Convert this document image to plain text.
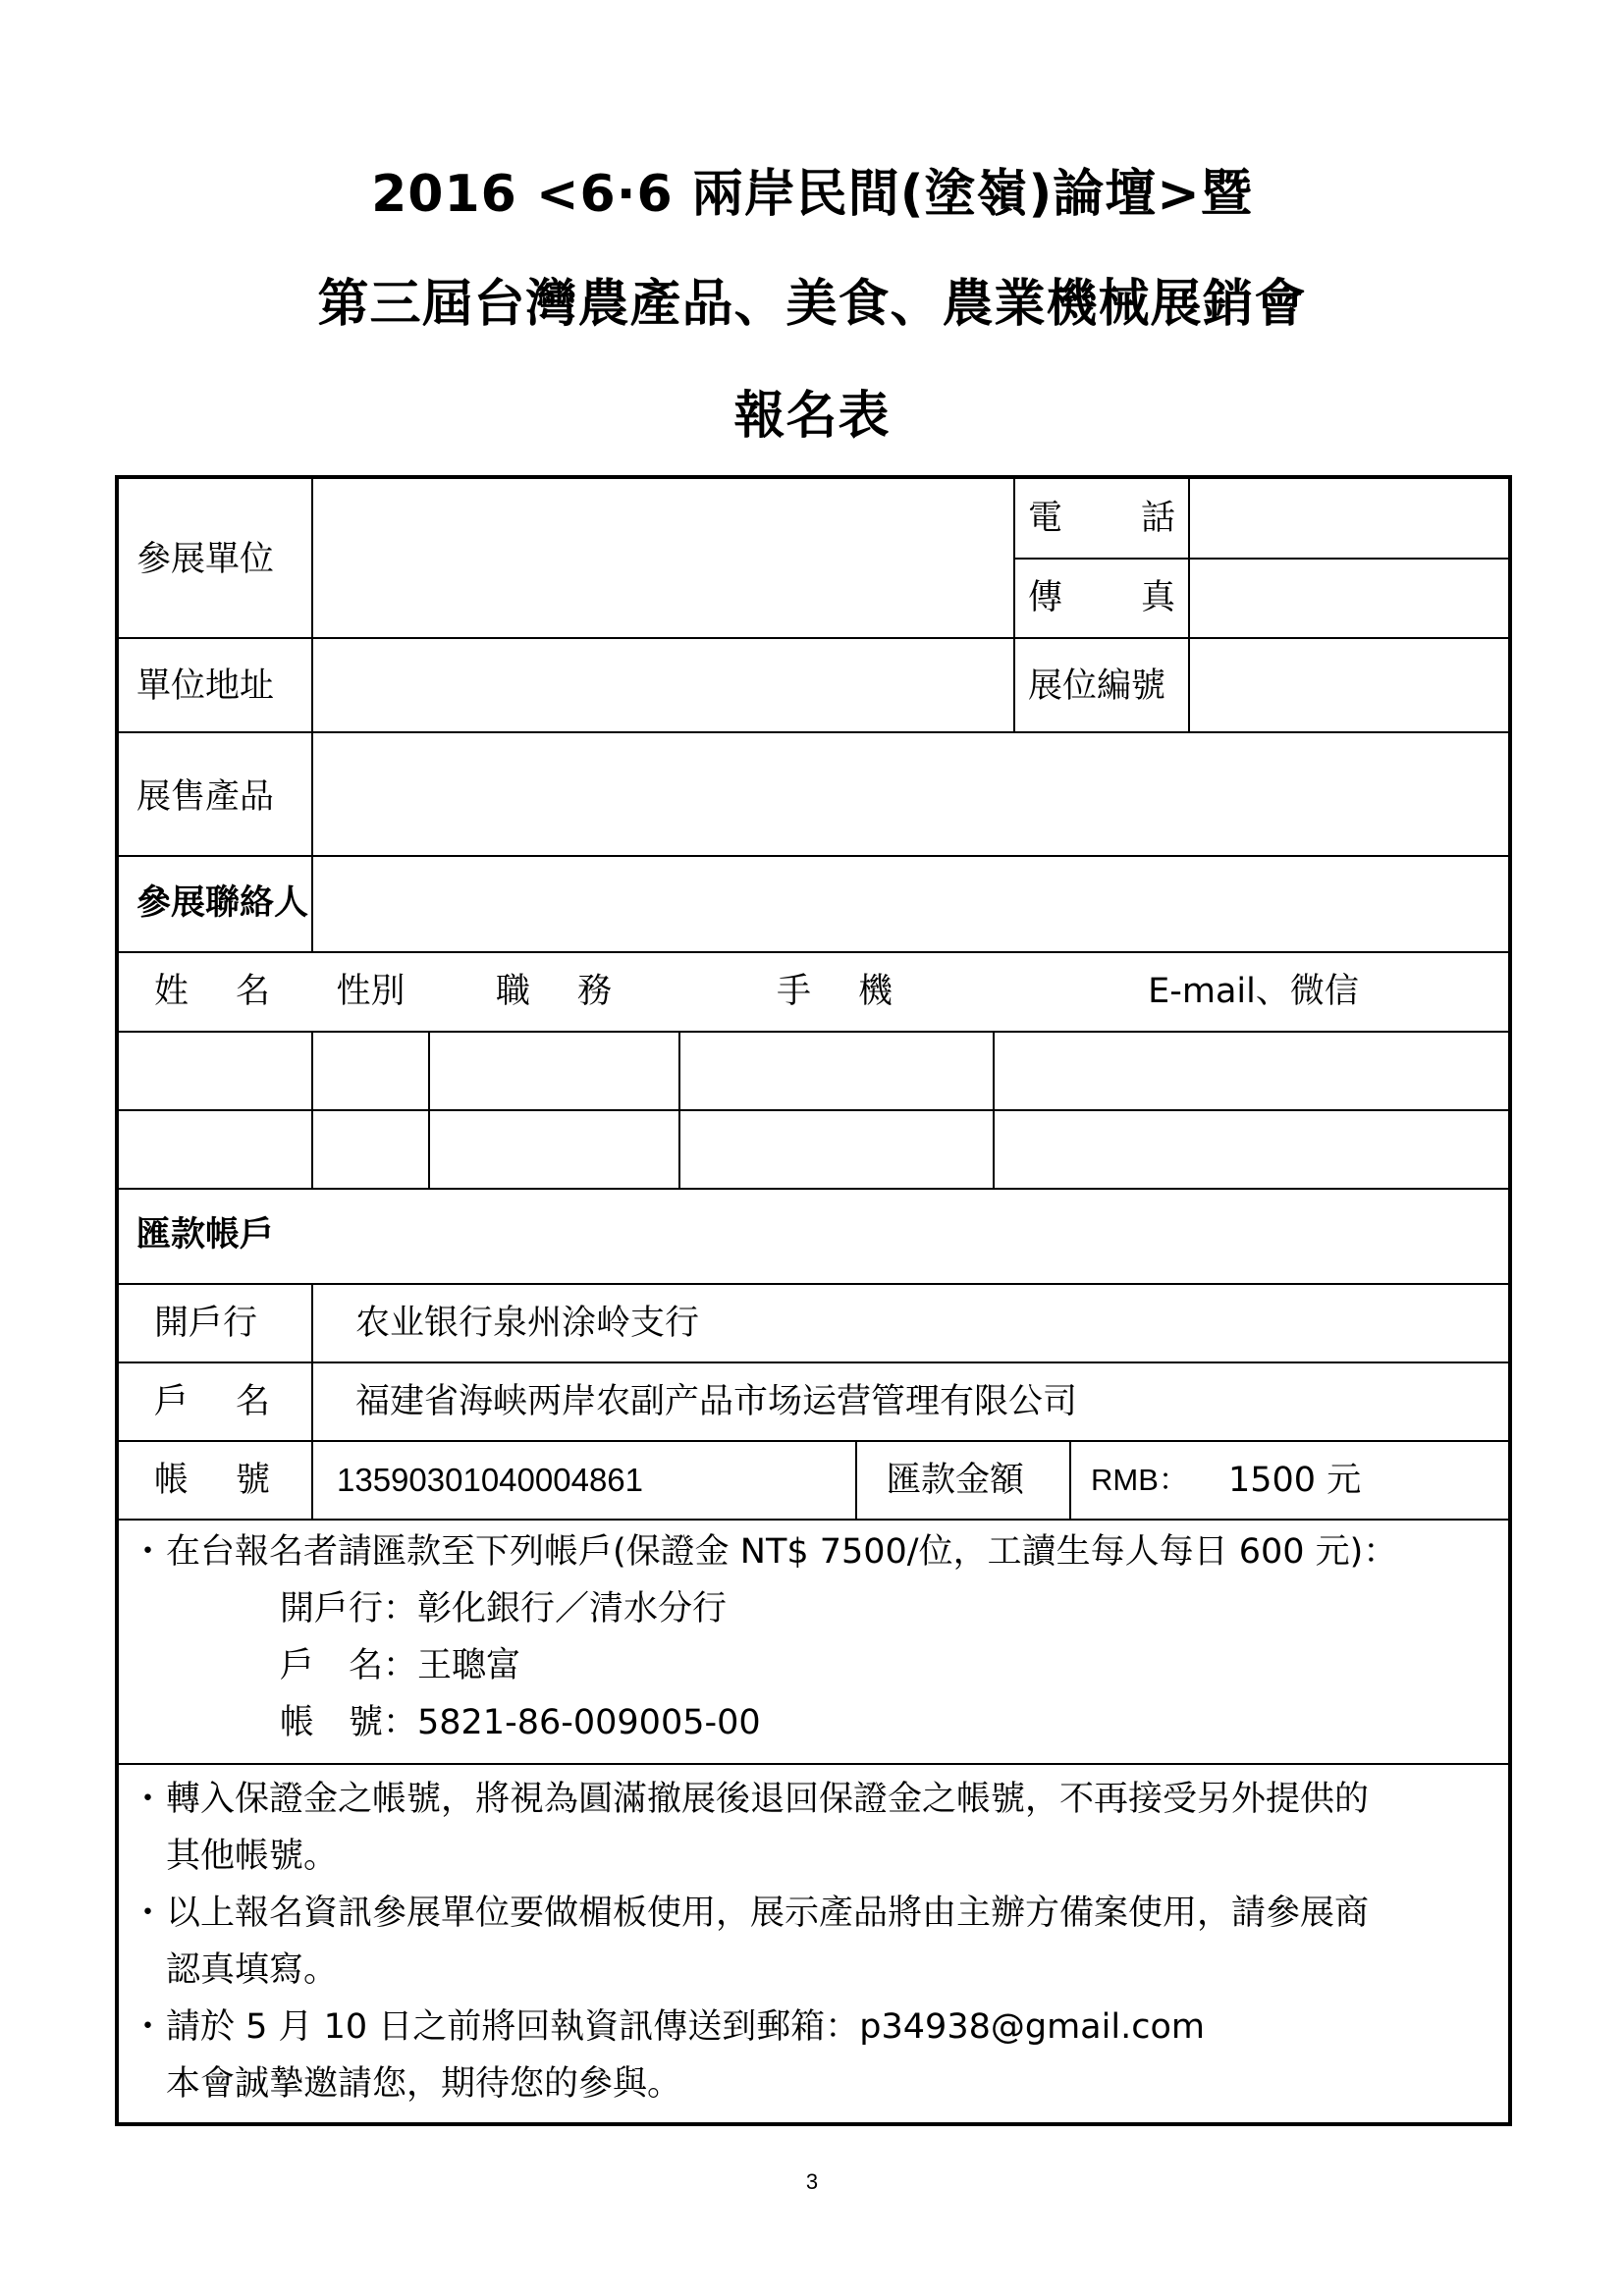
2016 <6·6 兩岸民間(塗嶺)論壇>暨
第三屆台灣農產品、美食、農業機械展銷會
報名表
參展單位
電 話
傳 真
單位地址	展位編號
展售產品
參展聯絡人
姓 名	性別	職 務	手 機	E-mail、微信
匯款帳戶
開戶行	农业银行泉州涂岭支行
戶 名 福建省海峡两岸农副产品市场运营管理有限公司
帳 號 13590301040004861	匯款金額 RMB： 1500 元
・在台報名者請匯款至下列帳戶(保證金 NT$ 7500/位，工讀生每人每日 600 元)：
開戶行：彰化銀行／清水分行
戶　名：王聰富
帳　號：5821-86-009005-00
・轉入保證金之帳號，將視為圓滿撤展後退回保證金之帳號，不再接受另外提供的
其他帳號。
・以上報名資訊參展單位要做楣板使用，展示產品將由主辦方備案使用，請參展商
認真填寫。
・請於 5 月 10 日之前將回執資訊傳送到郵箱：p34938@gmail.com
本會誠摯邀請您，期待您的參與。
3
